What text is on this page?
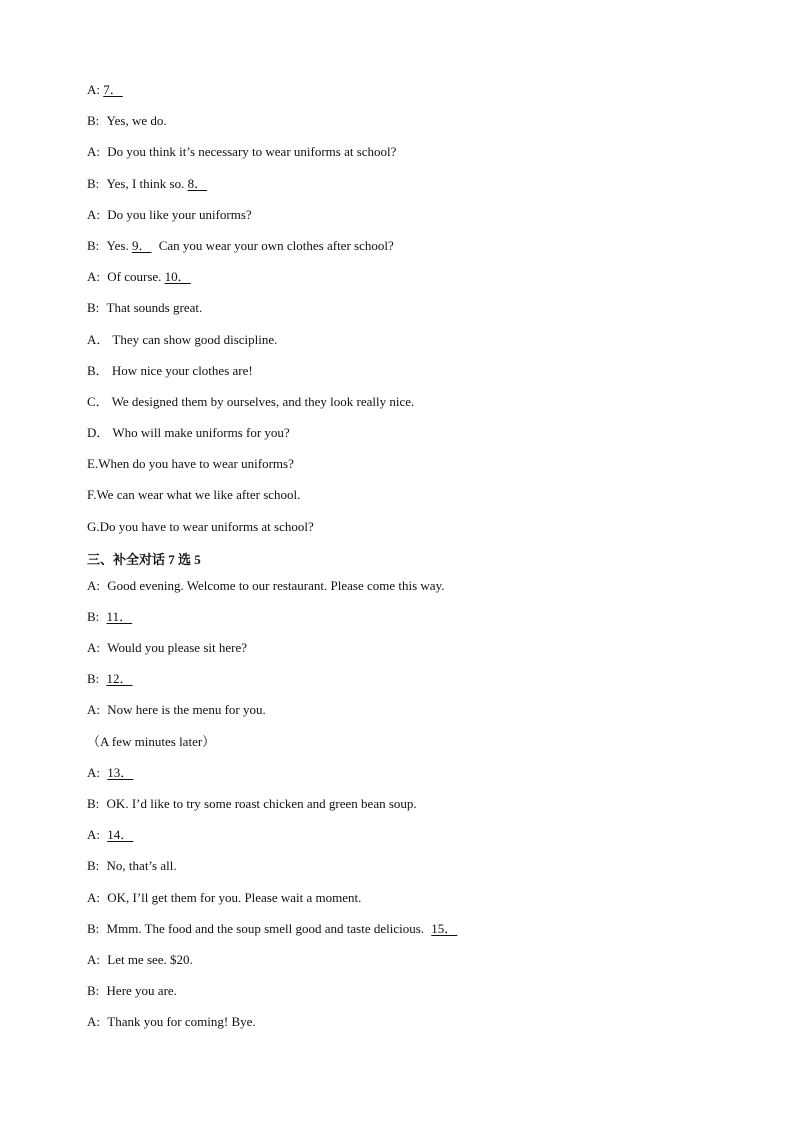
A: 7．
B: Yes, we do.
A: Do you think it’s necessary to wear uniforms at school?
B: Yes, I think so. 8．
A: Do you like your uniforms?
B: Yes. 9． Can you wear your own clothes after school?
A: Of course. 10．
B: That sounds great.
A． They can show good discipline.
B． How nice your clothes are!
C． We designed them by ourselves, and they look really nice.
D． Who will make uniforms for you?
E.When do you have to wear uniforms?
F.We can wear what we like after school.
G.Do you have to wear uniforms at school?
三、补全对话 7 选 5
A: Good evening. Welcome to our restaurant. Please come this way.
B: 11．
A: Would you please sit here?
B: 12．
A: Now here is the menu for you.
（A few minutes later）
A: 13．
B: OK. I’d like to try some roast chicken and green bean soup.
A: 14．
B: No, that’s all.
A: OK, I’ll get them for you. Please wait a moment.
B: Mmm. The food and the soup smell good and taste delicious. 15．
A: Let me see. $20.
B: Here you are.
A: Thank you for coming! Bye.
